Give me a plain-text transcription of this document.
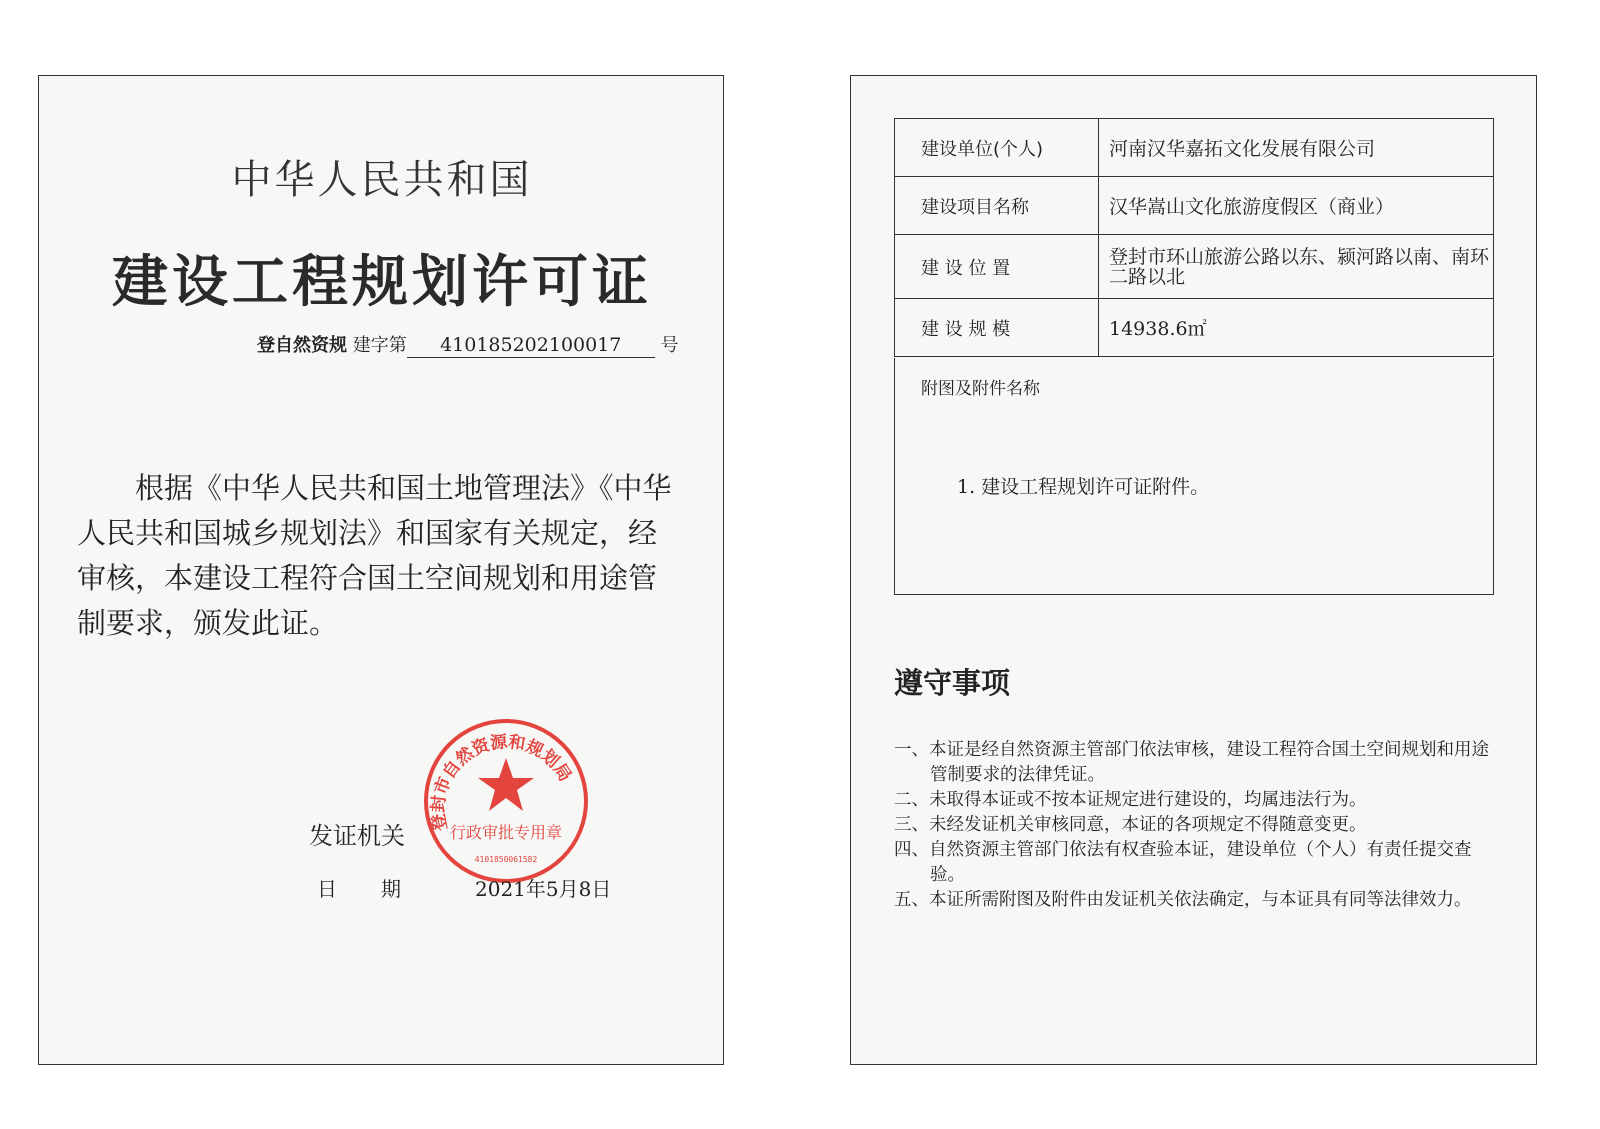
中华人民共和国
建设工程规划许可证
登自然资规 建字第 410185202100017 号

根据《中华人民共和国土地管理法》《中华人民共和国城乡规划法》和国家有关规定，经审核，本建设工程符合国土空间规划和用途管制要求，颁发此证。

登封市自然资源和规划局
行政审批专用章
4101850061582
发证机关
日期 2021年5月8日
建设单位(个人)	河南汉华嘉拓文化发展有限公司
建设项目名称	汉华嵩山文化旅游度假区（商业）
建 设 位 置	登封市环山旅游公路以东、颍河路以南、南环二路以北
建 设 规 模	14938.6㎡
附图及附件名称
1. 建设工程规划许可证附件。
遵守事项

一、本证是经自然资源主管部门依法审核，建设工程符合国土空间规划和用途管制要求的法律凭证。

二、未取得本证或不按本证规定进行建设的，均属违法行为。

三、未经发证机关审核同意，本证的各项规定不得随意变更。

四、自然资源主管部门依法有权查验本证，建设单位（个人）有责任提交查验。

五、本证所需附图及附件由发证机关依法确定，与本证具有同等法律效力。
